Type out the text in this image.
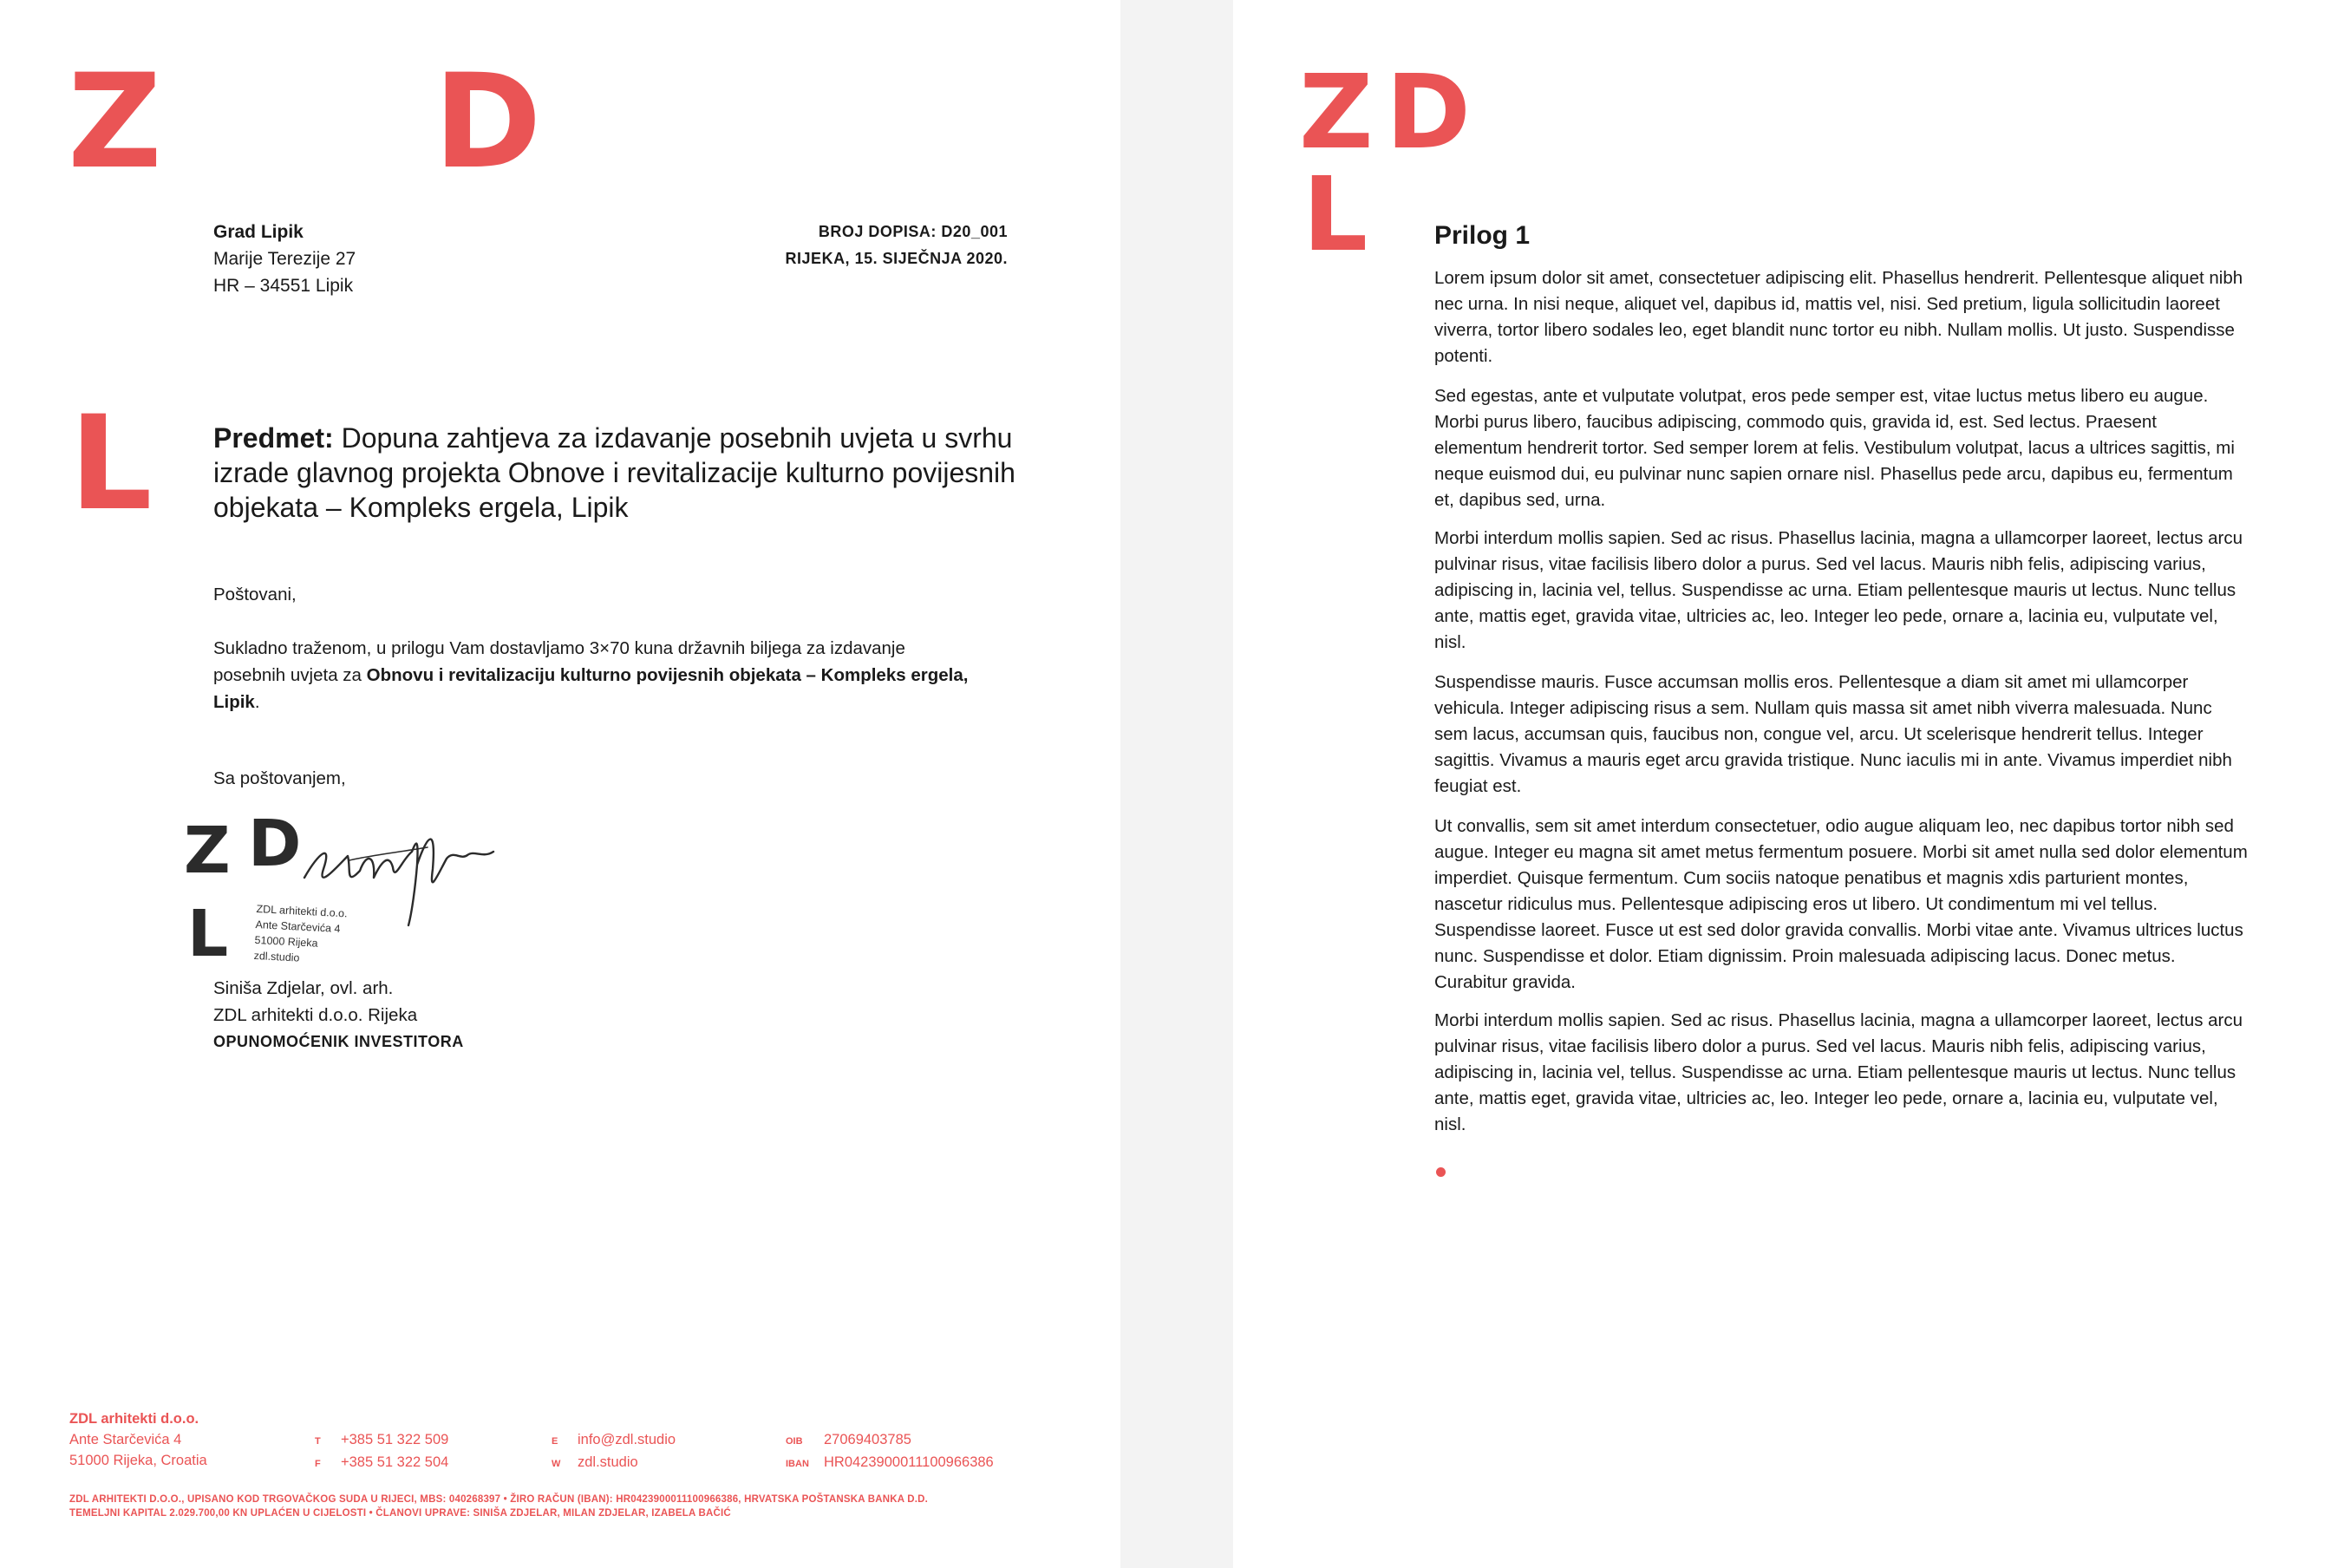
Z D
L
Grad Lipik
Marije Terezije 27
HR – 34551 Lipik
BROJ DOPISA: D20_001
RIJEKA, 15. SIJEČNJA 2020.
Predmet: Dopuna zahtjeva za izdavanje posebnih uvjeta u svrhu izrade glavnog projekta Obnove i revitalizacije kulturno povijesnih objekata – Kompleks ergela, Lipik
Poštovani,
Sukladno traženom, u prilogu Vam dostavljamo 3×70 kuna državnih biljega za izdavanje
posebnih uvjeta za Obnovu i revitalizaciju kulturno povijesnih objekata – Kompleks ergela,
Lipik.
Sa poštovanjem,
Z D
L	ZDL arhitekti d.o.o.
Ante Starčevića 4
51000 Rijeka
zdl.studio
Siniša Zdjelar, ovl. arh.
ZDL arhitekti d.o.o. Rijeka
OPUNOMOĆENIK INVESTITORA
ZDL arhitekti d.o.o.
Ante Starčevića 4
51000 Rijeka, Croatia
T +385 51 322 509
F +385 51 322 504
E info@zdl.studio
W zdl.studio
OIB 27069403785
IBAN HR0423900011100966386
ZDL ARHITEKTI D.O.O., UPISANO KOD TRGOVAČKOG SUDA U RIJECI, MBS: 040268397 • ŽIRO RAČUN (IBAN): HR0423900011100966386, HRVATSKA POŠTANSKA BANKA D.D.
TEMELJNI KAPITAL 2.029.700,00 KN UPLAĆEN U CIJELOSTI • ČLANOVI UPRAVE: SINIŠA ZDJELAR, MILAN ZDJELAR, IZABELA BAČIĆ
Z D
L	Prilog 1
Lorem ipsum dolor sit amet, consectetuer adipiscing elit. Phasellus hendrerit. Pellentesque aliquet nibh nec urna. In nisi neque, aliquet vel, dapibus id, mattis vel, nisi. Sed pretium, ligula sollicitudin laoreet viverra, tortor libero sodales leo, eget blandit nunc tortor eu nibh. Nullam mollis. Ut justo. Suspendisse potenti.
Sed egestas, ante et vulputate volutpat, eros pede semper est, vitae luctus metus libero eu augue. Morbi purus libero, faucibus adipiscing, commodo quis, gravida id, est. Sed lectus. Praesent elementum hendrerit tortor. Sed semper lorem at felis. Vestibulum volutpat, lacus a ultrices sagittis, mi neque euismod dui, eu pulvinar nunc sapien ornare nisl. Phasellus pede arcu, dapibus eu, fermentum et, dapibus sed, urna.
Morbi interdum mollis sapien. Sed ac risus. Phasellus lacinia, magna a ullamcorper laoreet, lectus arcu pulvinar risus, vitae facilisis libero dolor a purus. Sed vel lacus. Mauris nibh felis, adipiscing varius, adipiscing in, lacinia vel, tellus. Suspendisse ac urna. Etiam pellentesque mauris ut lectus. Nunc tellus ante, mattis eget, gravida vitae, ultricies ac, leo. Integer leo pede, ornare a, lacinia eu, vulputate vel, nisl.
Suspendisse mauris. Fusce accumsan mollis eros. Pellentesque a diam sit amet mi ullamcorper vehicula. Integer adipiscing risus a sem. Nullam quis massa sit amet nibh viverra malesuada. Nunc sem lacus, accumsan quis, faucibus non, congue vel, arcu. Ut scelerisque hendrerit tellus. Integer sagittis. Vivamus a mauris eget arcu gravida tristique. Nunc iaculis mi in ante. Vivamus imperdiet nibh feugiat est.
Ut convallis, sem sit amet interdum consectetuer, odio augue aliquam leo, nec dapibus tortor nibh sed augue. Integer eu magna sit amet metus fermentum posuere. Morbi sit amet nulla sed dolor elementum imperdiet. Quisque fermentum. Cum sociis natoque penatibus et magnis xdis parturient montes, nascetur ridiculus mus. Pellentesque adipiscing eros ut libero. Ut condimentum mi vel tellus. Suspendisse laoreet. Fusce ut est sed dolor gravida convallis. Morbi vitae ante. Vivamus ultrices luctus nunc. Suspendisse et dolor. Etiam dignissim. Proin malesuada adipiscing lacus. Donec metus. Curabitur gravida.
Morbi interdum mollis sapien. Sed ac risus. Phasellus lacinia, magna a ullamcorper laoreet, lectus arcu pulvinar risus, vitae facilisis libero dolor a purus. Sed vel lacus. Mauris nibh felis, adipiscing varius, adipiscing in, lacinia vel, tellus. Suspendisse ac urna. Etiam pellentesque mauris ut lectus. Nunc tellus ante, mattis eget, gravida vitae, ultricies ac, leo. Integer leo pede, ornare a, lacinia eu, vulputate vel, nisl.
